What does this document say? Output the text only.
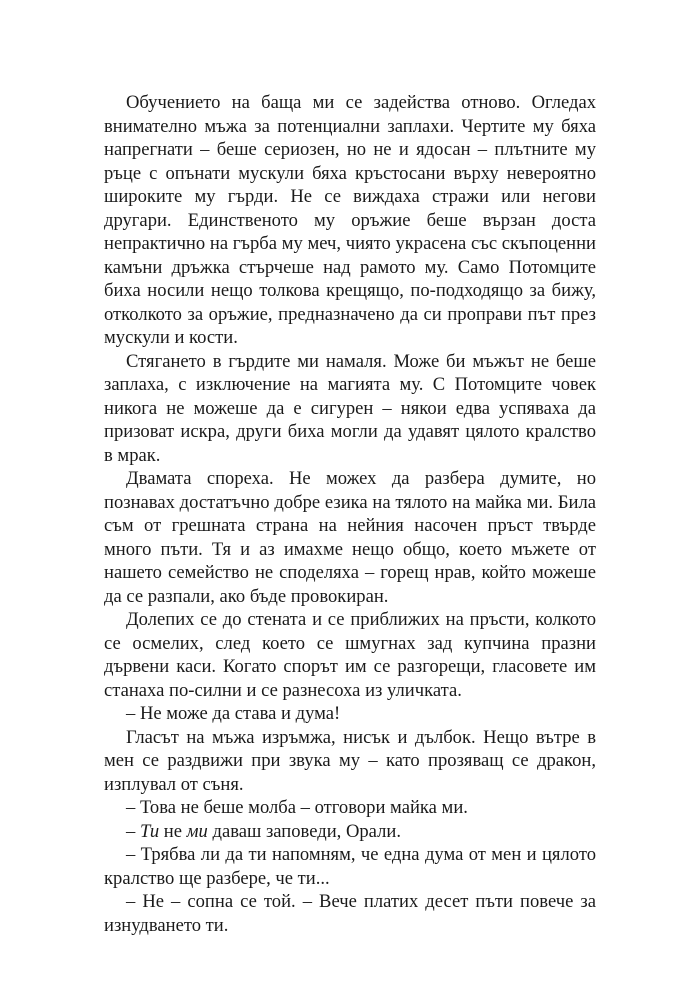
Обучението на баща ми се задейства отново. Огледах внимателно мъжа за потенциални заплахи. Чертите му бяха напрегнати – беше сериозен, но не и ядосан – плътните му ръце с опънати мускули бяха кръстосани върху невероятно широките му гърди. Не се виждаха стражи или негови другари. Единственото му оръжие беше вързан доста непрактично на гърба му меч, чиято украсена със скъпоценни камъни дръжка стърчеше над рамото му. Само Потомците биха носили нещо толкова крещящо, по-подходящо за бижу, отколкото за оръжие, предназначено да си проправи път през мускули и кости.

Стягането в гърдите ми намаля. Може би мъжът не беше заплаха, с изключение на магията му. С Потомците човек никога не можеше да е сигурен – някои едва успяваха да призоват искра, други биха могли да удавят цялото кралство в мрак.

Двамата спореха. Не можех да разбера думите, но познавах достатъчно добре езика на тялото на майка ми. Била съм от грешната страна на нейния насочен пръст твърде много пъти. Тя и аз имахме нещо общо, което мъжете от нашето семейство не споделяха – горещ нрав, който можеше да се разпали, ако бъде провокиран.

Долепих се до стената и се приближих на пръсти, колкото се осмелих, след което се шмугнах зад купчина празни дървени каси. Когато спорът им се разгорещи, гласовете им станаха по-силни и се разнесоха из уличката.

– Не може да става и дума!

Гласът на мъжа изръмжа, нисък и дълбок. Нещо вътре в мен се раздвижи при звука му – като прозяващ се дракон, изплувал от съня.

– Това не беше молба – отговори майка ми.

– Ти не ми даваш заповеди, Орали.

– Трябва ли да ти напомням, че една дума от мен и цялото кралство ще разбере, че ти...

– Не – сопна се той. – Вече платих десет пъти повече за изнудването ти.
